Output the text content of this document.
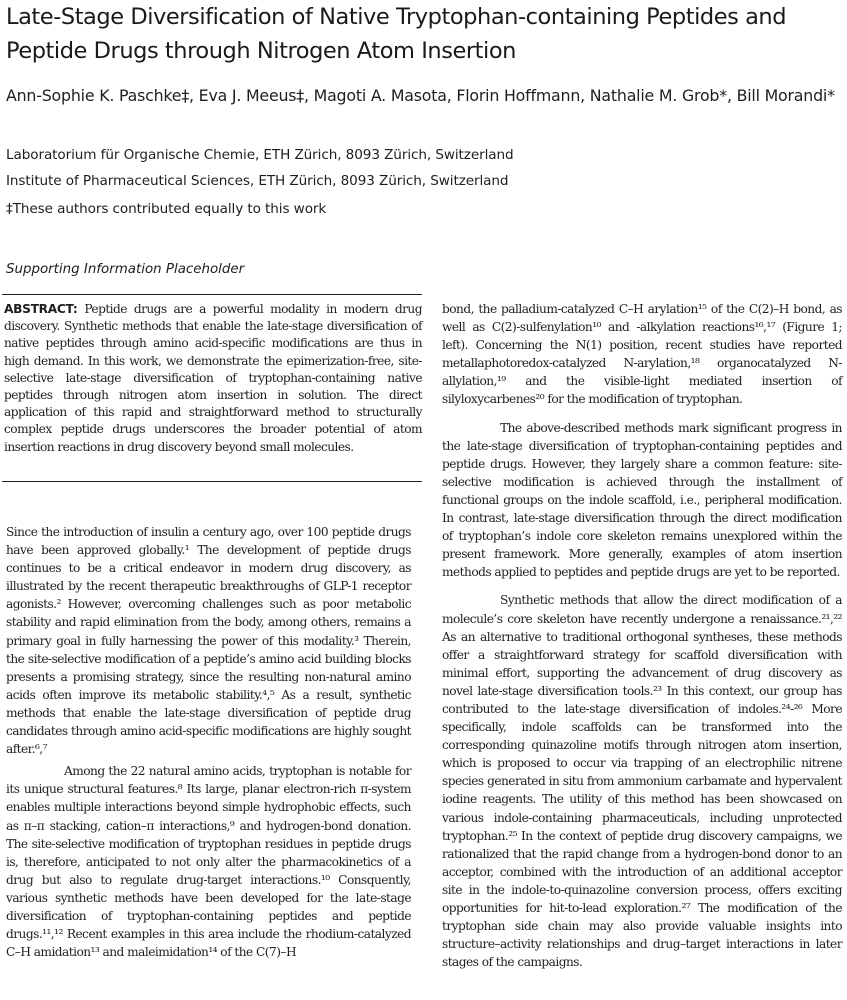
Late-Stage Diversification of Native Tryptophan-containing Peptides and Peptide Drugs through Nitrogen Atom Insertion

Ann-Sophie K. Paschke‡, Eva J. Meeus‡, Magoti A. Masota, Florin Hoffmann, Nathalie M. Grob*, Bill Morandi*

Laboratorium für Organische Chemie, ETH Zürich, 8093 Zürich, Switzerland

Institute of Pharmaceutical Sciences, ETH Zürich, 8093 Zürich, Switzerland

‡These authors contributed equally to this work

Supporting Information Placeholder

ABSTRACT: Peptide drugs are a powerful modality in modern drug discovery. Synthetic methods that enable the late-stage diversification of native peptides through amino acid-specific modifications are thus in high demand. In this work, we demonstrate the epimerization-free, site-selective late-stage diversification of tryptophan-containing native peptides through nitrogen atom insertion in solution. The direct application of this rapid and straightforward method to structurally complex peptide drugs underscores the broader potential of atom insertion reactions in drug discovery beyond small molecules.

Since the introduction of insulin a century ago, over 100 peptide drugs have been approved globally.¹ The development of peptide drugs continues to be a critical endeavor in modern drug discovery, as illustrated by the recent therapeutic breakthroughs of GLP-1 receptor agonists.² However, overcoming challenges such as poor metabolic stability and rapid elimination from the body, among others, remains a primary goal in fully harnessing the power of this modality.³ Therein, the site-selective modification of a peptide’s amino acid building blocks presents a promising strategy, since the resulting non-natural amino acids often improve its metabolic stability.⁴,⁵ As a result, synthetic methods that enable the late-stage diversification of peptide drug candidates through amino acid-specific modifications are highly sought after.⁶,⁷

Among the 22 natural amino acids, tryptophan is notable for its unique structural features.⁸ Its large, planar electron-rich π-system enables multiple interactions beyond simple hydrophobic effects, such as π–π stacking, cation–π interactions,⁹ and hydrogen-bond donation. The site-selective modification of tryptophan residues in peptide drugs is, therefore, anticipated to not only alter the pharmacokinetics of a drug but also to regulate drug-target interactions.¹⁰ Consquently, various synthetic methods have been developed for the late-stage diversification of tryptophan-containing peptides and peptide drugs.¹¹,¹² Recent examples in this area include the rhodium-catalyzed C–H amidation¹³ and maleimidation¹⁴ of the C(7)–H

bond, the palladium-catalyzed C–H arylation¹⁵ of the C(2)–H bond, as well as C(2)-sulfenylation¹⁰ and -alkylation reactions¹⁶,¹⁷ (Figure 1; left). Concerning the N(1) position, recent studies have reported metallaphotoredox-catalyzed N-arylation,¹⁸ organocatalyzed N-allylation,¹⁹ and the visible-light mediated insertion of silyloxycarbenes²⁰ for the modification of tryptophan.

The above-described methods mark significant progress in the late-stage diversification of tryptophan-containing peptides and peptide drugs. However, they largely share a common feature: site-selective modification is achieved through the installment of functional groups on the indole scaffold, i.e., peripheral modification. In contrast, late-stage diversification through the direct modification of tryptophan’s indole core skeleton remains unexplored within the present framework. More generally, examples of atom insertion methods applied to peptides and peptide drugs are yet to be reported.

Synthetic methods that allow the direct modification of a molecule’s core skeleton have recently undergone a renaissance.²¹,²² As an alternative to traditional orthogonal syntheses, these methods offer a straightforward strategy for scaffold diversification with minimal effort, supporting the advancement of drug discovery as novel late-stage diversification tools.²³ In this context, our group has contributed to the late-stage diversification of indoles.²⁴-²⁶ More specifically, indole scaffolds can be transformed into the corresponding quinazoline motifs through nitrogen atom insertion, which is proposed to occur via trapping of an electrophilic nitrene species generated in situ from ammonium carbamate and hypervalent iodine reagents. The utility of this method has been showcased on various indole-containing pharmaceuticals, including unprotected tryptophan.²⁵ In the context of peptide drug discovery campaigns, we rationalized that the rapid change from a hydrogen-bond donor to an acceptor, combined with the introduction of an additional acceptor site in the indole-to-quinazoline conversion process, offers exciting opportunities for hit-to-lead exploration.²⁷ The modification of the tryptophan side chain may also provide valuable insights into structure–activity relationships and drug–target interactions in later stages of the campaigns.
